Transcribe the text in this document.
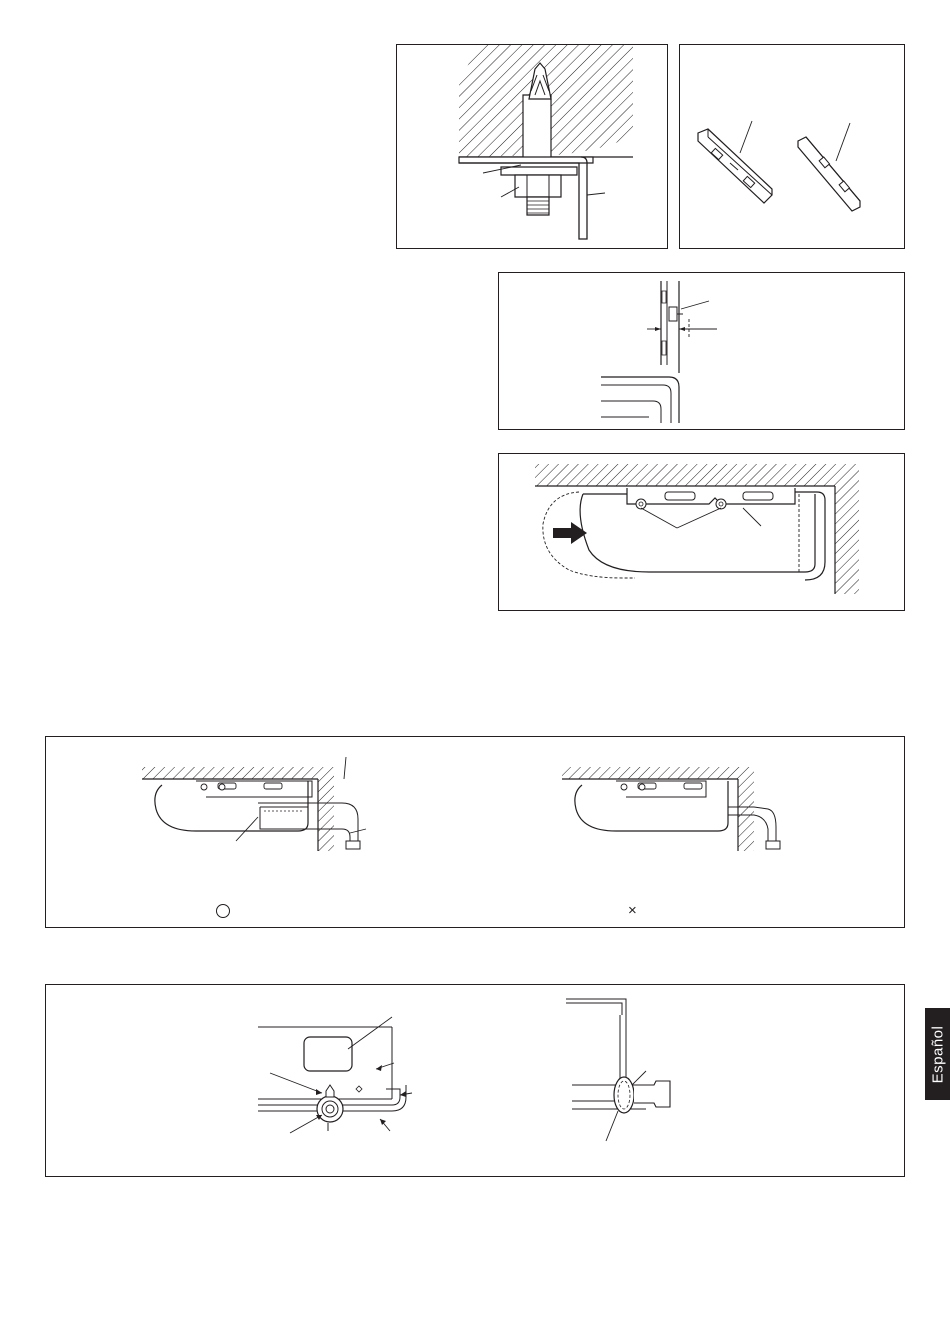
×
Español
